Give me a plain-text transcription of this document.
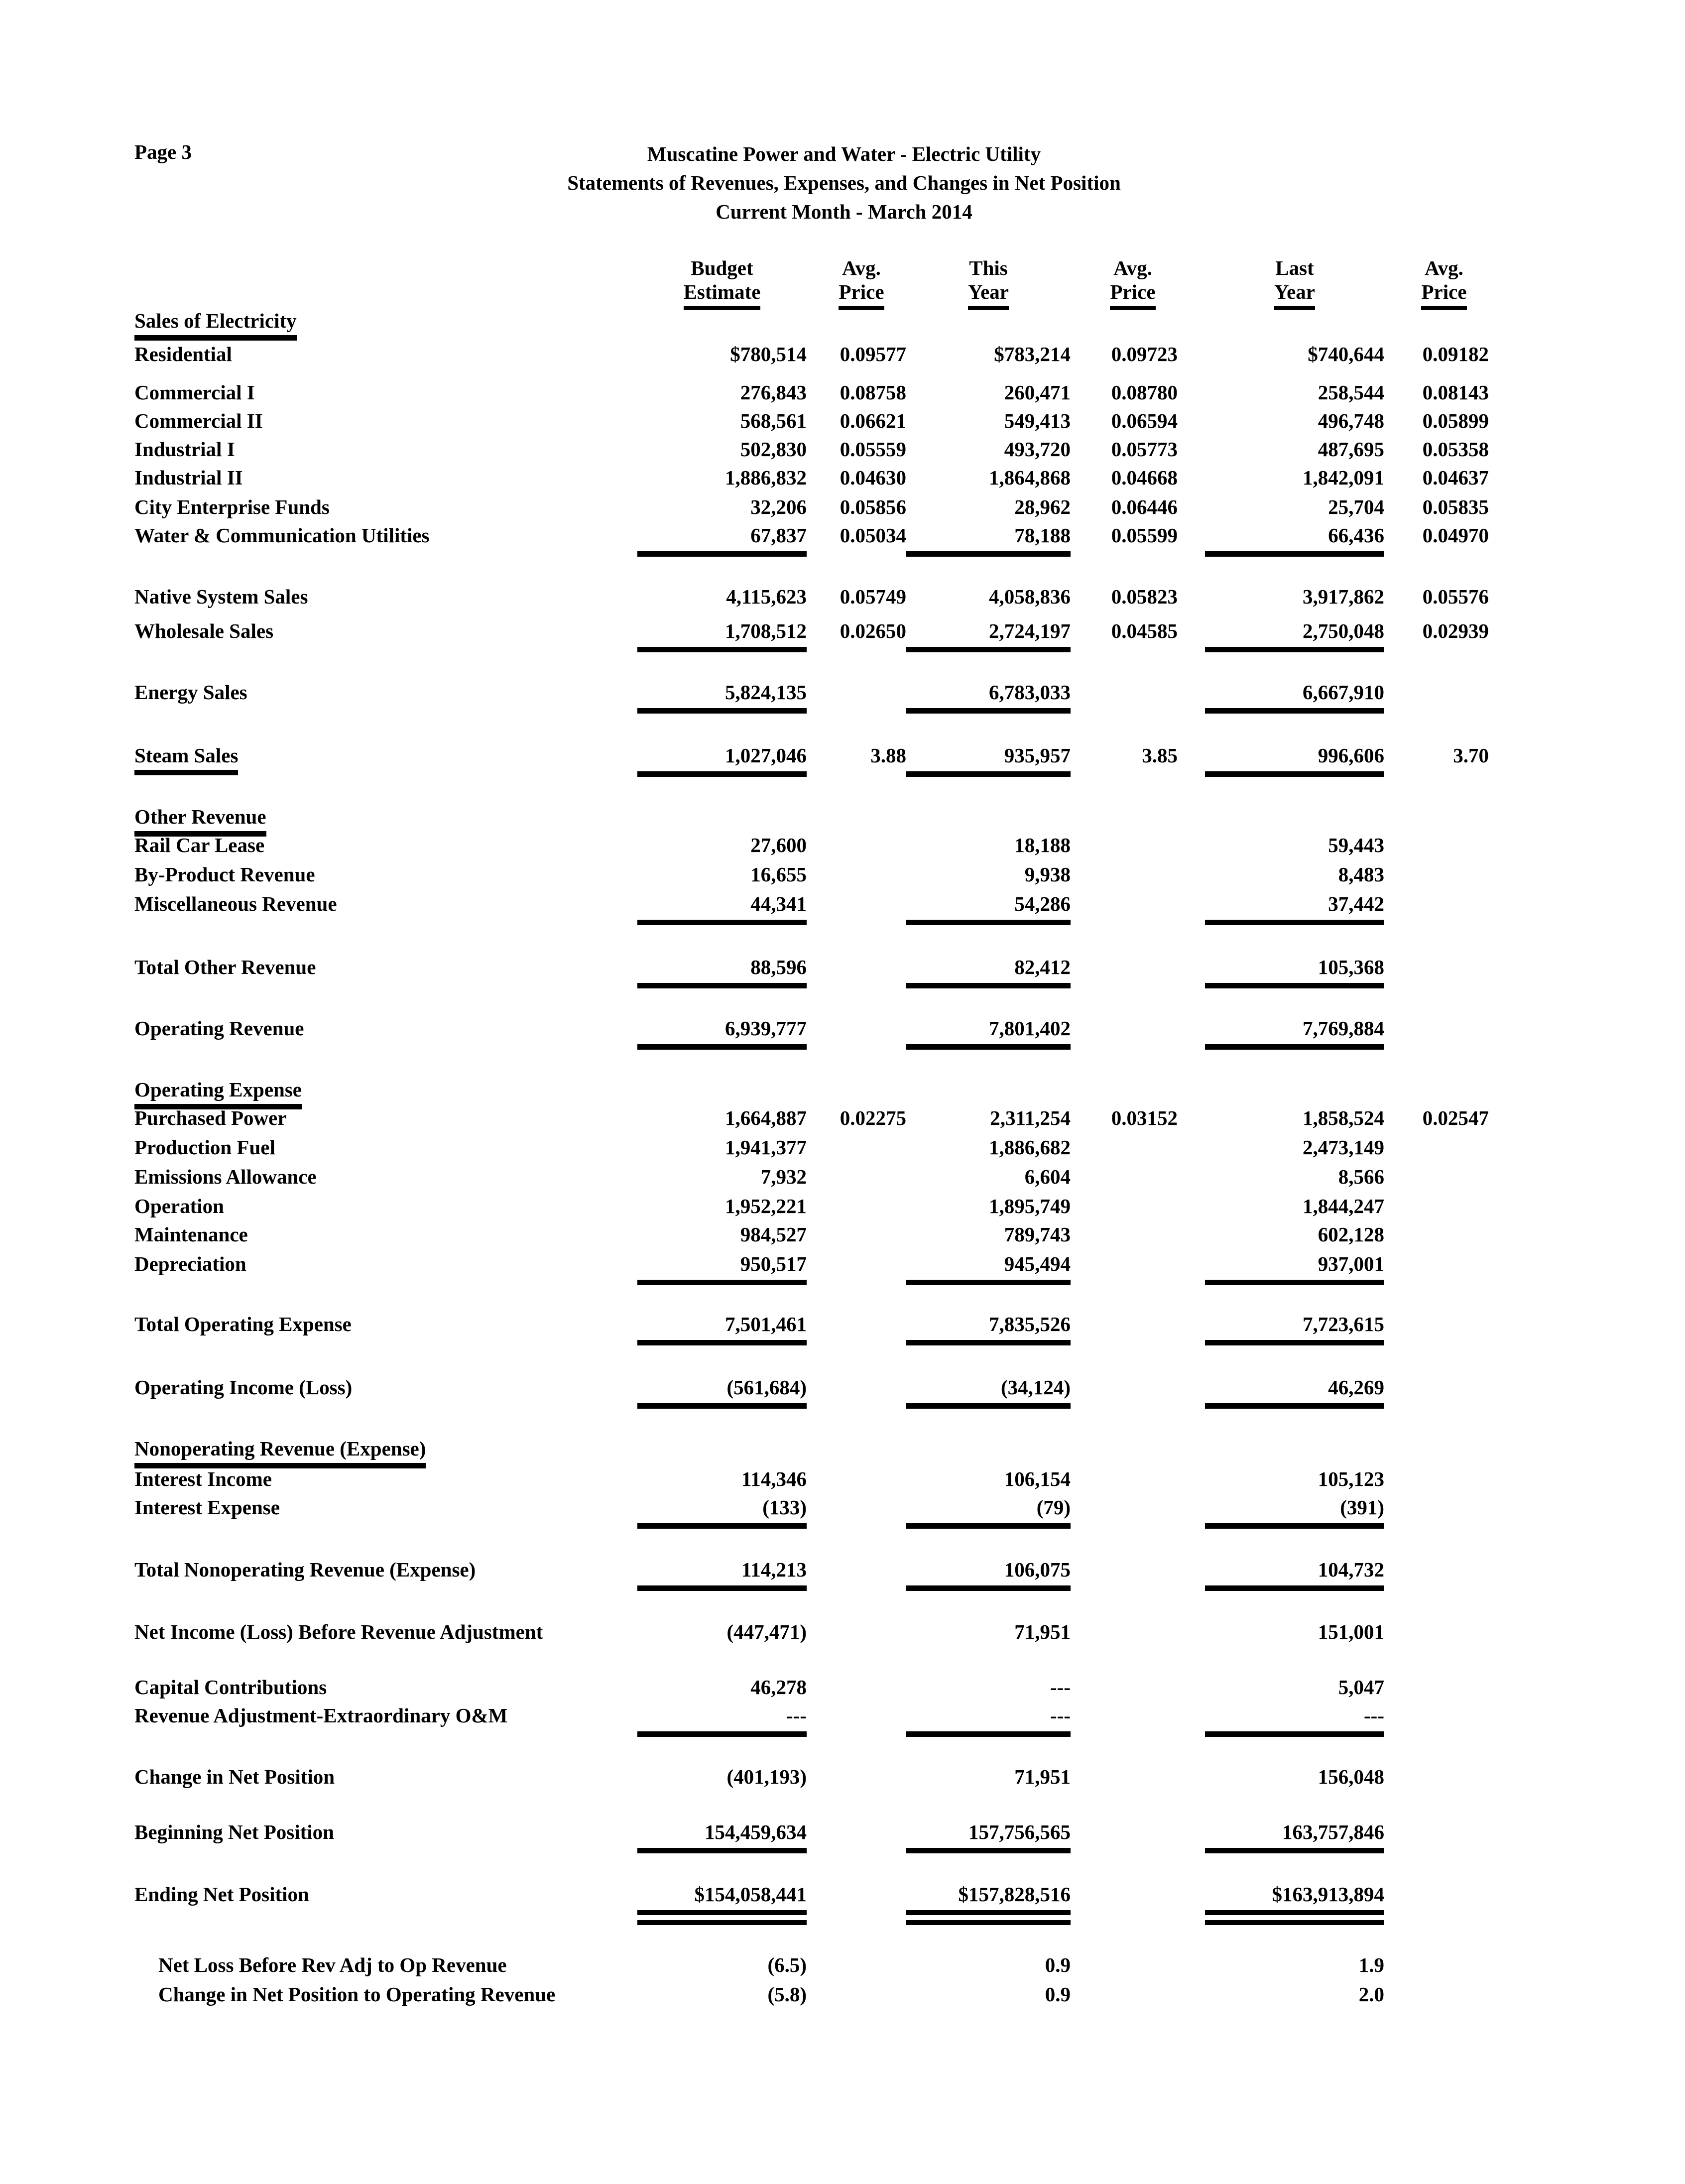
Page 3	Muscatine Power and Water - Electric Utility
Statements of Revenues, Expenses, and Changes in Net Position
Current Month - March 2014
Budget	Avg.	This	Avg.	Last	Avg.
Estimate	Price	Year	Price	Year	Price
Sales of Electricity
Residential	$780,514	0.09577	$783,214	0.09723	$740,644	0.09182
Commercial I	276,843	0.08758	260,471	0.08780	258,544	0.08143
Commercial II	568,561	0.06621	549,413	0.06594	496,748	0.05899
Industrial I	502,830	0.05559	493,720	0.05773	487,695	0.05358
Industrial II	1,886,832	0.04630	1,864,868	0.04668	1,842,091	0.04637
City Enterprise Funds	32,206	0.05856	28,962	0.06446	25,704	0.05835
Water & Communication Utilities	67,837	0.05034	78,188	0.05599	66,436	0.04970
Native System Sales	4,115,623	0.05749	4,058,836	0.05823	3,917,862	0.05576
Wholesale Sales	1,708,512	0.02650	2,724,197	0.04585	2,750,048	0.02939
Energy Sales	5,824,135	6,783,033	6,667,910
Steam Sales	1,027,046	3.88	935,957	3.85	996,606	3.70
Other Revenue
Rail Car Lease	27,600	18,188	59,443
By-Product Revenue	16,655	9,938	8,483
Miscellaneous Revenue	44,341	54,286	37,442
Total Other Revenue	88,596	82,412	105,368
Operating Revenue	6,939,777	7,801,402	7,769,884
Operating Expense
Purchased Power	1,664,887	0.02275	2,311,254	0.03152	1,858,524	0.02547
Production Fuel	1,941,377	1,886,682	2,473,149
Emissions Allowance	7,932	6,604	8,566
Operation	1,952,221	1,895,749	1,844,247
Maintenance	984,527	789,743	602,128
Depreciation	950,517	945,494	937,001
Total Operating Expense	7,501,461	7,835,526	7,723,615
Operating Income (Loss)	(561,684)	(34,124)	46,269
Nonoperating Revenue (Expense)
Interest Income	114,346	106,154	105,123
Interest Expense	(133)	(79)	(391)
Total Nonoperating Revenue (Expense)	114,213	106,075	104,732
Net Income (Loss) Before Revenue Adjustment	(447,471)	71,951	151,001
Capital Contributions	46,278	---	5,047
Revenue Adjustment-Extraordinary O&M	---	---	---
Change in Net Position	(401,193)	71,951	156,048
Beginning Net Position	154,459,634	157,756,565	163,757,846
Ending Net Position	$154,058,441	$157,828,516	$163,913,894
Net Loss Before Rev Adj to Op Revenue	(6.5)	0.9	1.9
Change in Net Position to Operating Revenue	(5.8)	0.9	2.0
